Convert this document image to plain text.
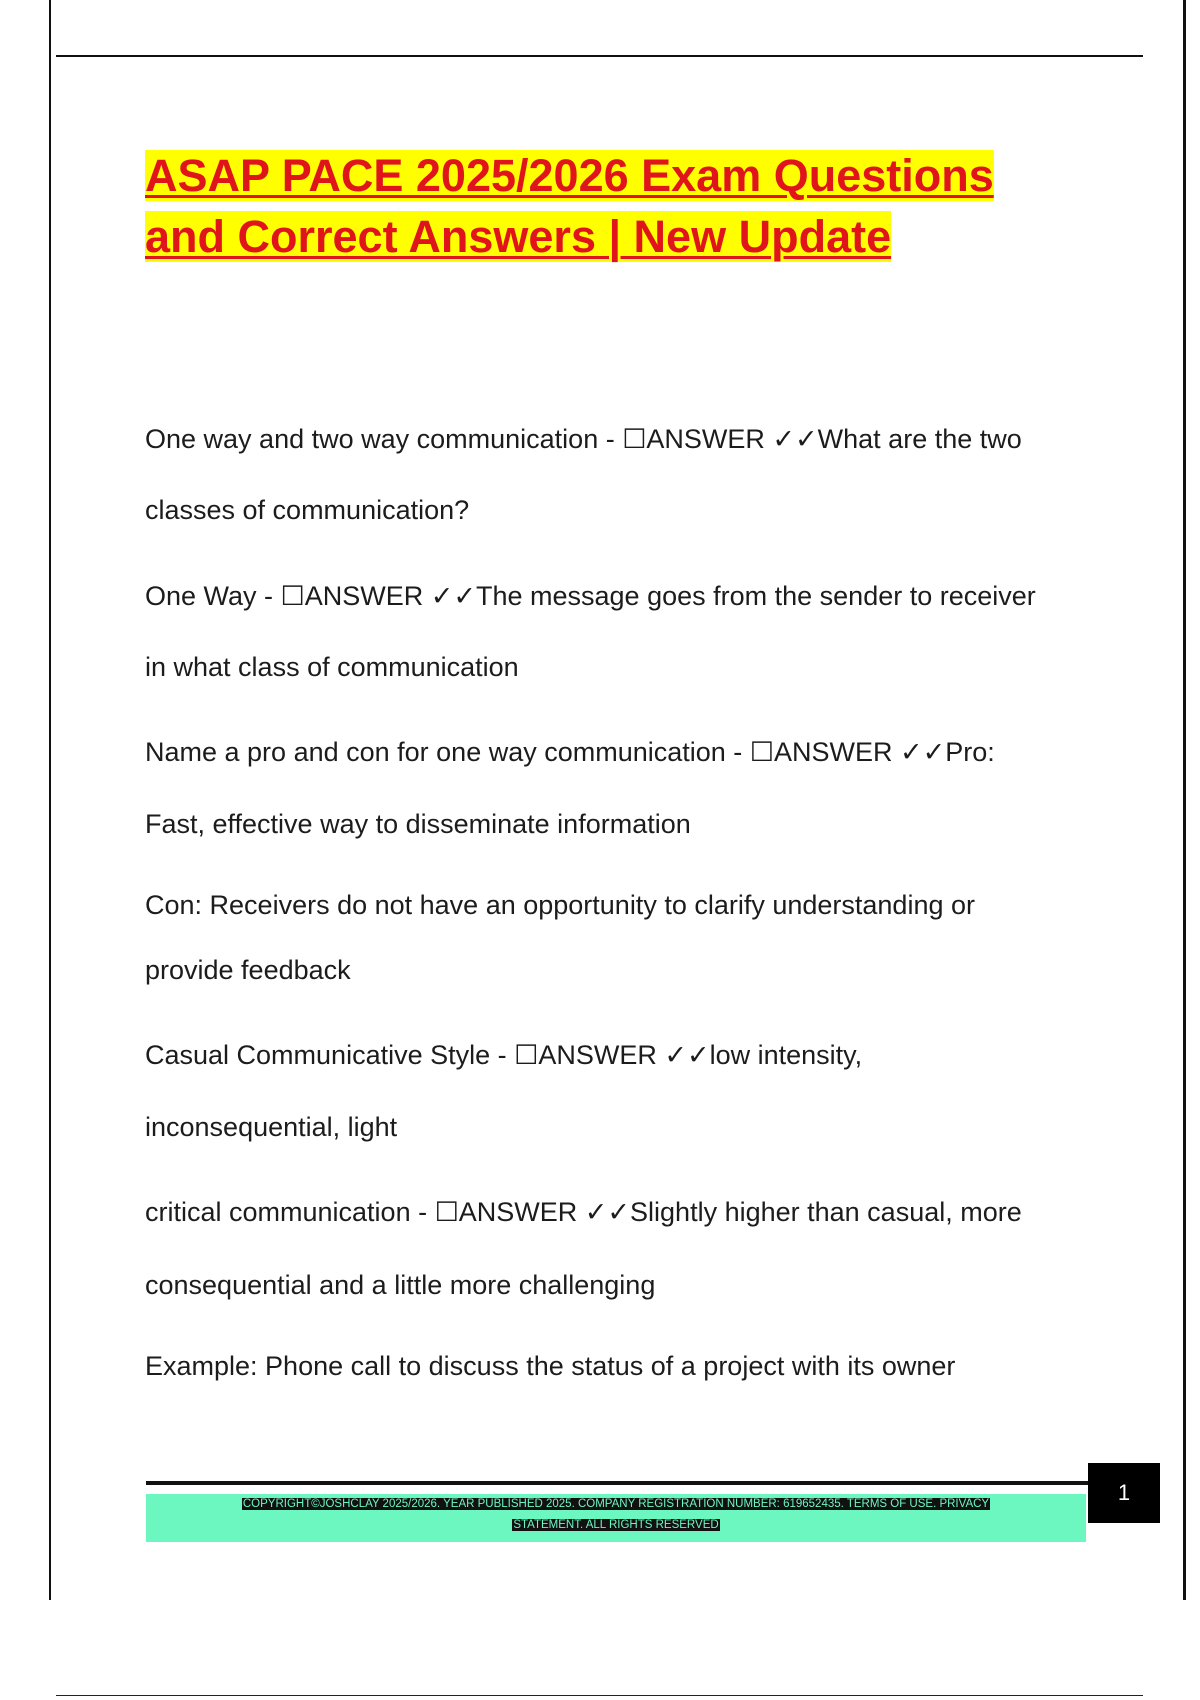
ASAP PACE 2025/2026 Exam Questions and Correct Answers | New Update
One way and two way communication - ☐ANSWER ✓✓What are the two
classes of communication?
One Way - ☐ANSWER ✓✓The message goes from the sender to receiver
in what class of communication
Name a pro and con for one way communication - ☐ANSWER ✓✓Pro:
Fast, effective way to disseminate information
Con: Receivers do not have an opportunity to clarify understanding or
provide feedback
Casual Communicative Style - ☐ANSWER ✓✓low intensity,
inconsequential, light
critical communication - ☐ANSWER ✓✓Slightly higher than casual, more
consequential and a little more challenging
Example: Phone call to discuss the status of a project with its owner
COPYRIGHT©JOSHCLAY 2025/2026. YEAR PUBLISHED 2025. COMPANY REGISTRATION NUMBER: 619652435. TERMS OF USE. PRIVACY
STATEMENT. ALL RIGHTS RESERVED
1
